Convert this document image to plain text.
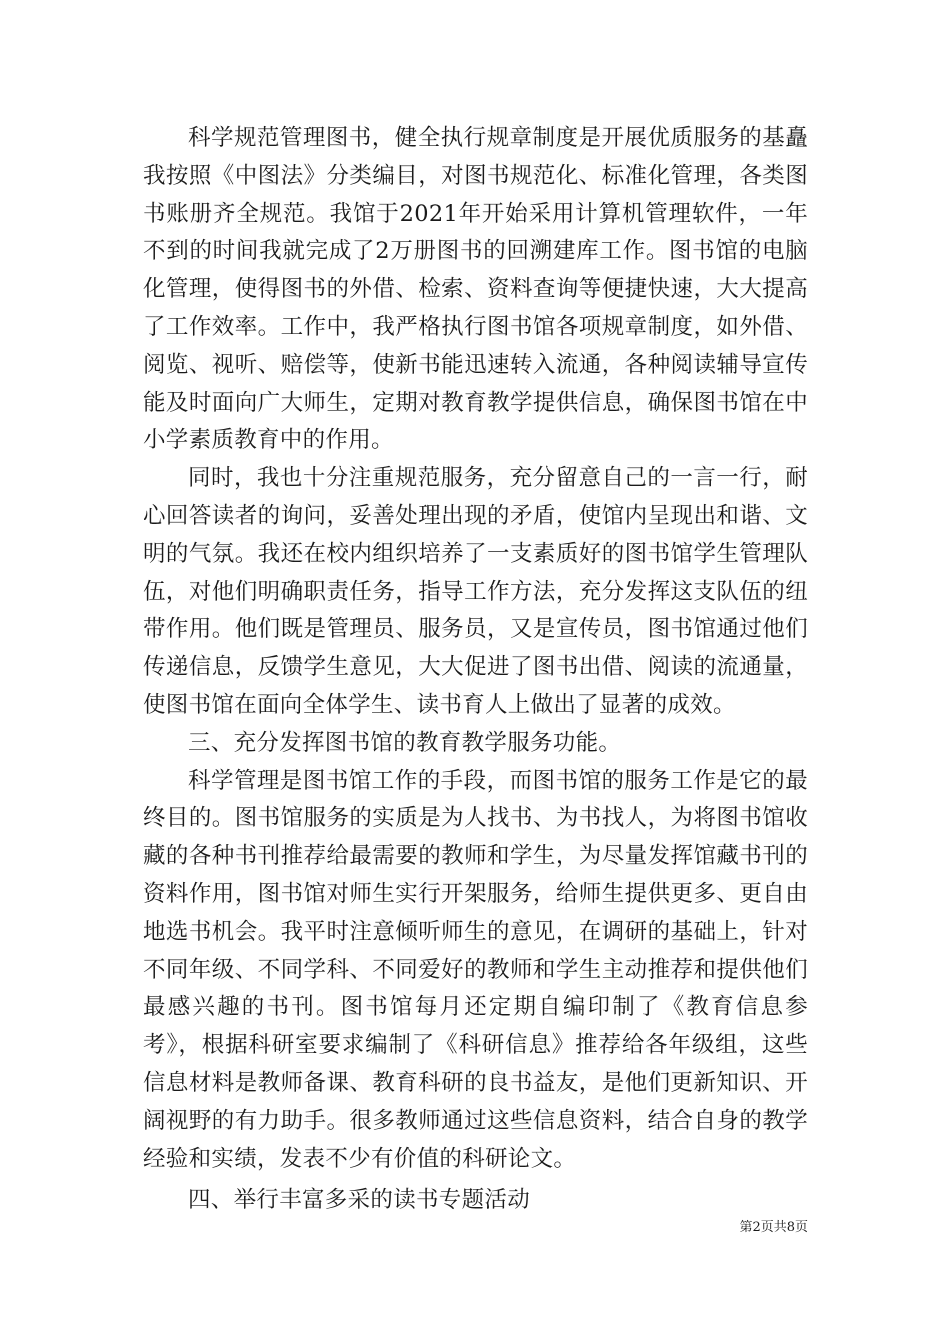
科学规范管理图书，健全执行规章制度是开展优质服务的基矗我按照《中图法》分类编目，对图书规范化、标准化管理，各类图书账册齐全规范。我馆于2021年开始采用计算机管理软件，一年不到的时间我就完成了2万册图书的回溯建库工作。图书馆的电脑化管理，使得图书的外借、检索、资料查询等便捷快速，大大提高了工作效率。工作中，我严格执行图书馆各项规章制度，如外借、阅览、视听、赔偿等，使新书能迅速转入流通，各种阅读辅导宣传能及时面向广大师生，定期对教育教学提供信息，确保图书馆在中小学素质教育中的作用。

同时，我也十分注重规范服务，充分留意自己的一言一行，耐心回答读者的询问，妥善处理出现的矛盾，使馆内呈现出和谐、文明的气氛。我还在校内组织培养了一支素质好的图书馆学生管理队伍，对他们明确职责任务，指导工作方法，充分发挥这支队伍的纽带作用。他们既是管理员、服务员，又是宣传员，图书馆通过他们传递信息，反馈学生意见，大大促进了图书出借、阅读的流通量，使图书馆在面向全体学生、读书育人上做出了显著的成效。

三、充分发挥图书馆的教育教学服务功能。

科学管理是图书馆工作的手段，而图书馆的服务工作是它的最终目的。图书馆服务的实质是为人找书、为书找人，为将图书馆收藏的各种书刊推荐给最需要的教师和学生，为尽量发挥馆藏书刊的资料作用，图书馆对师生实行开架服务，给师生提供更多、更自由地选书机会。我平时注意倾听师生的意见，在调研的基础上，针对不同年级、不同学科、不同爱好的教师和学生主动推荐和提供他们最感兴趣的书刊。图书馆每月还定期自编印制了《教育信息参考》，根据科研室要求编制了《科研信息》推荐给各年级组，这些信息材料是教师备课、教育科研的良书益友，是他们更新知识、开阔视野的有力助手。很多教师通过这些信息资料，结合自身的教学经验和实绩，发表不少有价值的科研论文。

四、举行丰富多采的读书专题活动

第2页共8页
